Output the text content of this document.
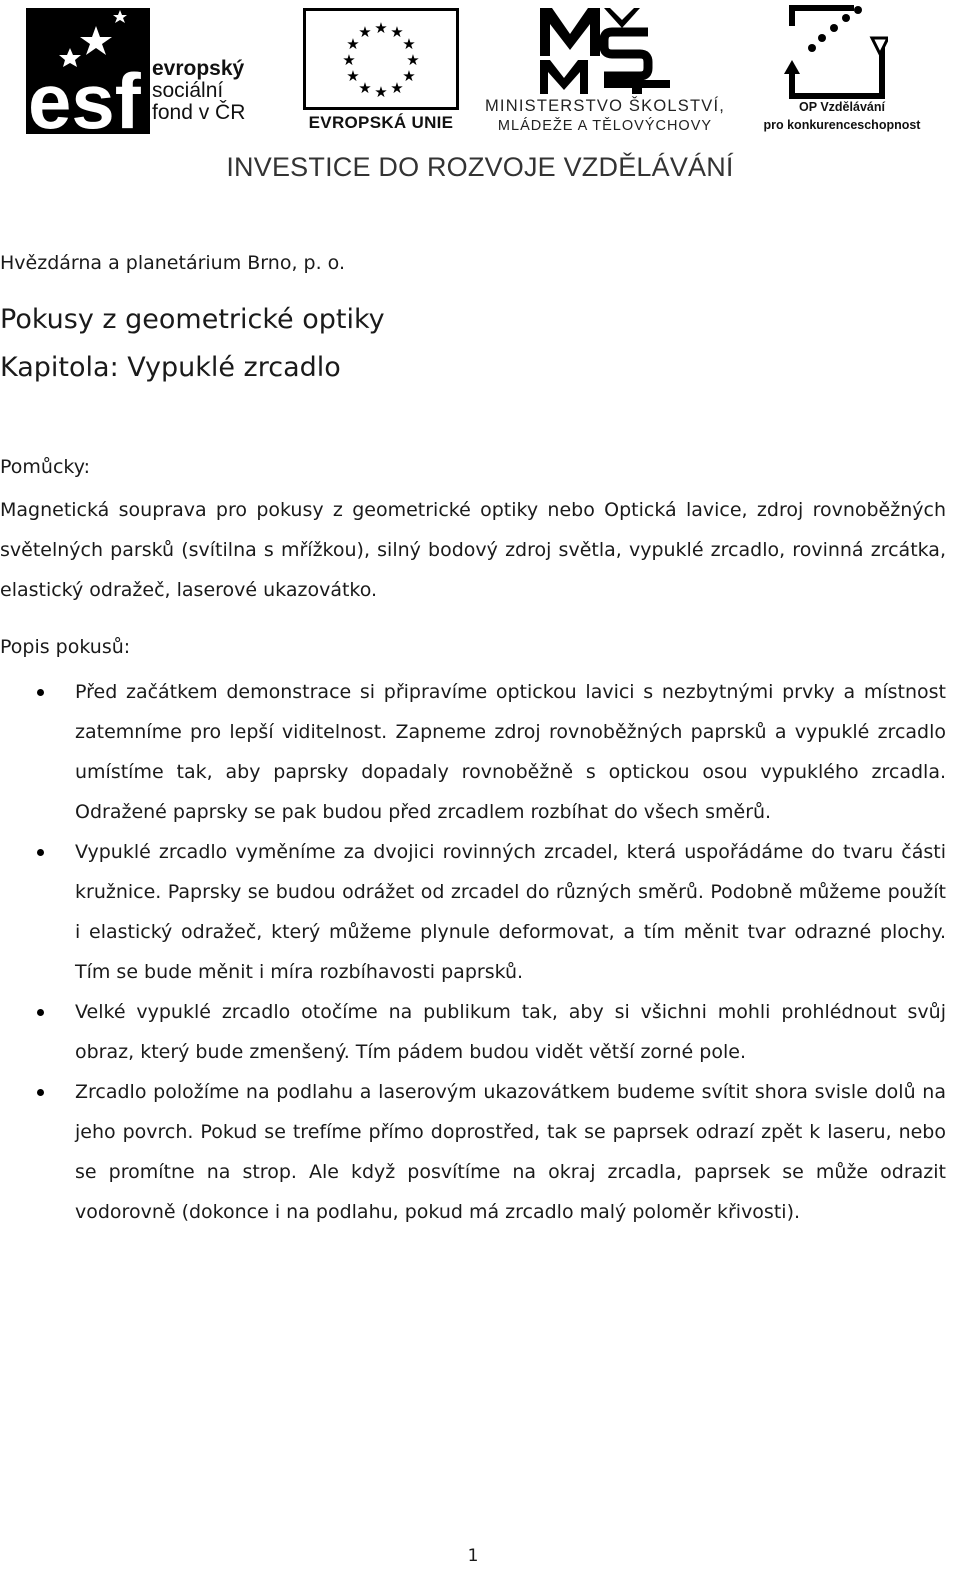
esf evropský
sociální
fond v ČR
★ ★
★
★
★
★
★
★
★
★
★
★
EVROPSKÁ UNIE
MINISTERSTVO ŠKOLSTVÍ,
MLÁDEŽE A TĚLOVÝCHOVY
OP Vzdělávání
pro konkurenceschopnost
INVESTICE DO ROZVOJE VZDĚLÁVÁNÍ
Hvězdárna a planetárium Brno, p. o.
Pokusy z geometrické optiky
Kapitola: Vypuklé zrcadlo
Pomůcky:
Magnetická souprava pro pokusy z geometrické optiky nebo Optická lavice, zdroj rovnoběžných světelných parsků (svítilna s mřížkou), silný bodový zdroj světla, vypuklé zrcadlo, rovinná zrcátka, elastický odražeč, laserové ukazovátko.
Popis pokusů:
Před začátkem demonstrace si připravíme optickou lavici s nezbytnými prvky a místnost zatemníme pro lepší viditelnost. Zapneme zdroj rovnoběžných paprsků a vypuklé zrcadlo umístíme tak, aby paprsky dopadaly rovnoběžně s optickou osou vypuklého zrcadla. Odražené paprsky se pak budou před zrcadlem rozbíhat do všech směrů.
Vypuklé zrcadlo vyměníme za dvojici rovinných zrcadel, která uspořádáme do tvaru části kružnice. Paprsky se budou odrážet od zrcadel do různých směrů. Podobně můžeme použít i elastický odražeč, který můžeme plynule deformovat, a tím měnit tvar odrazné plochy. Tím se bude měnit i míra rozbíhavosti paprsků.
Velké vypuklé zrcadlo otočíme na publikum tak, aby si všichni mohli prohlédnout svůj obraz, který bude zmenšený. Tím pádem budou vidět větší zorné pole.
Zrcadlo položíme na podlahu a laserovým ukazovátkem budeme svítit shora svisle dolů na jeho povrch. Pokud se trefíme přímo doprostřed, tak se paprsek odrazí zpět k laseru, nebo se promítne na strop. Ale když posvítíme na okraj zrcadla, paprsek se může odrazit vodorovně (dokonce i na podlahu, pokud má zrcadlo malý poloměr křivosti).
1
